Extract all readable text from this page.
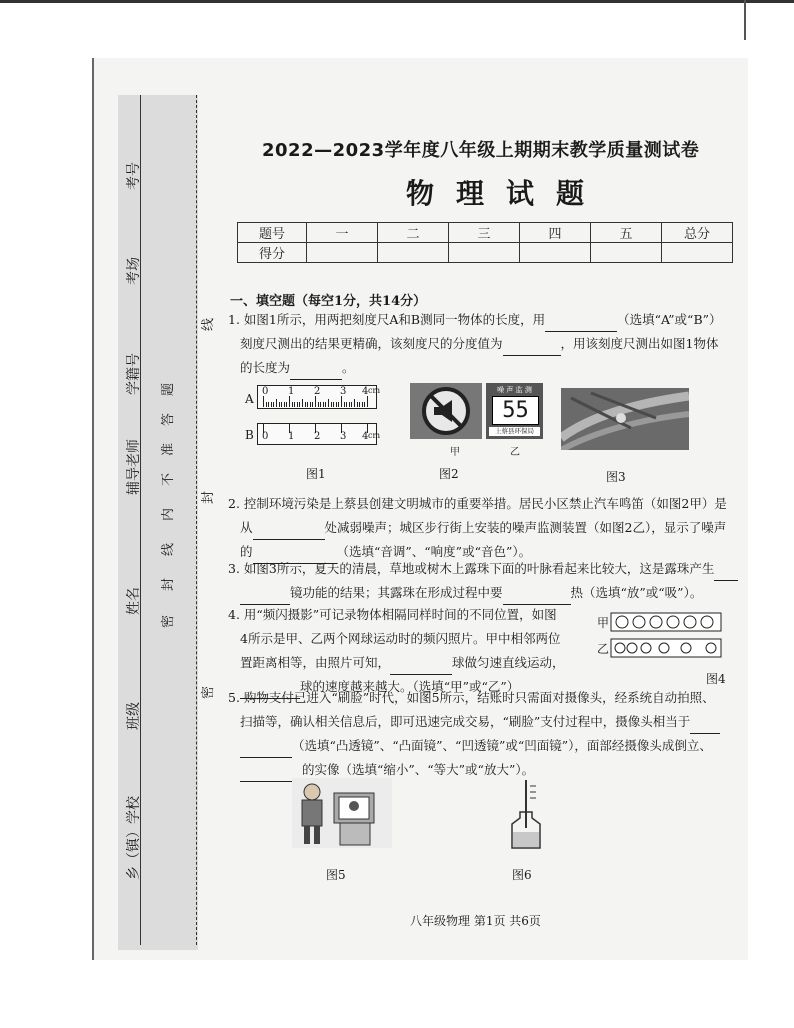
乡（镇）学校
班级
姓名
辅导老师
学籍号
考场
考号
密
封
线
内
不
准
答
题
线
封
密
2022—2023学年度八年级上期期末教学质量测试卷
物理试题
题号	一	二	三	四	五	总分
得分						
一、填空题（每空1分，共14分）
1. 如图1所示，用两把刻度尺A和B测同一物体的长度，用	（选填“A”或“B”）
刻度尺测出的结果更精确，该刻度尺的分度值为	，用该刻度尺测出如图1物体
的长度为	。
A
B
0 1 2 3 4 cm
0 1 2 3 4 cm
图1
噪 声 监 测
55
上蔡县环保局
甲	乙
图2	图3
2. 控制环境污染是上蔡县创建文明城市的重要举措。居民小区禁止汽车鸣笛（如图2甲）是
从	处减弱噪声；城区步行街上安装的噪声监测装置（如图2乙），显示了噪声
的	（选填“音调”、“响度”或“音色”）。
3. 如图3所示，夏天的清晨，草地或树木上露珠下面的叶脉看起来比较大，这是露珠产生
镜功能的结果；其露珠在形成过程中要	热（选填“放”或“吸”）。
4. 用“频闪摄影”可记录物体相隔同样时间的不同位置，如图
4所示是甲、乙两个网球运动时的频闪照片。甲中相邻两位
置距离相等，由照片可知，	球做匀速直线运动，
球的速度越来越大。（选填“甲”或“乙”）
甲
乙
图4
5. 购物支付已进入“刷脸”时代，如图5所示，结账时只需面对摄像头，经系统自动拍照、
扫描等，确认相关信息后，即可迅速完成交易，“刷脸”支付过程中，摄像头相当于
（选填“凸透镜”、“凸面镜”、“凹透镜”或“凹面镜”），面部经摄像头成倒立、
的实像（选填“缩小”、“等大”或“放大”）。
图5	图6
八年级物理 第1页 共6页
